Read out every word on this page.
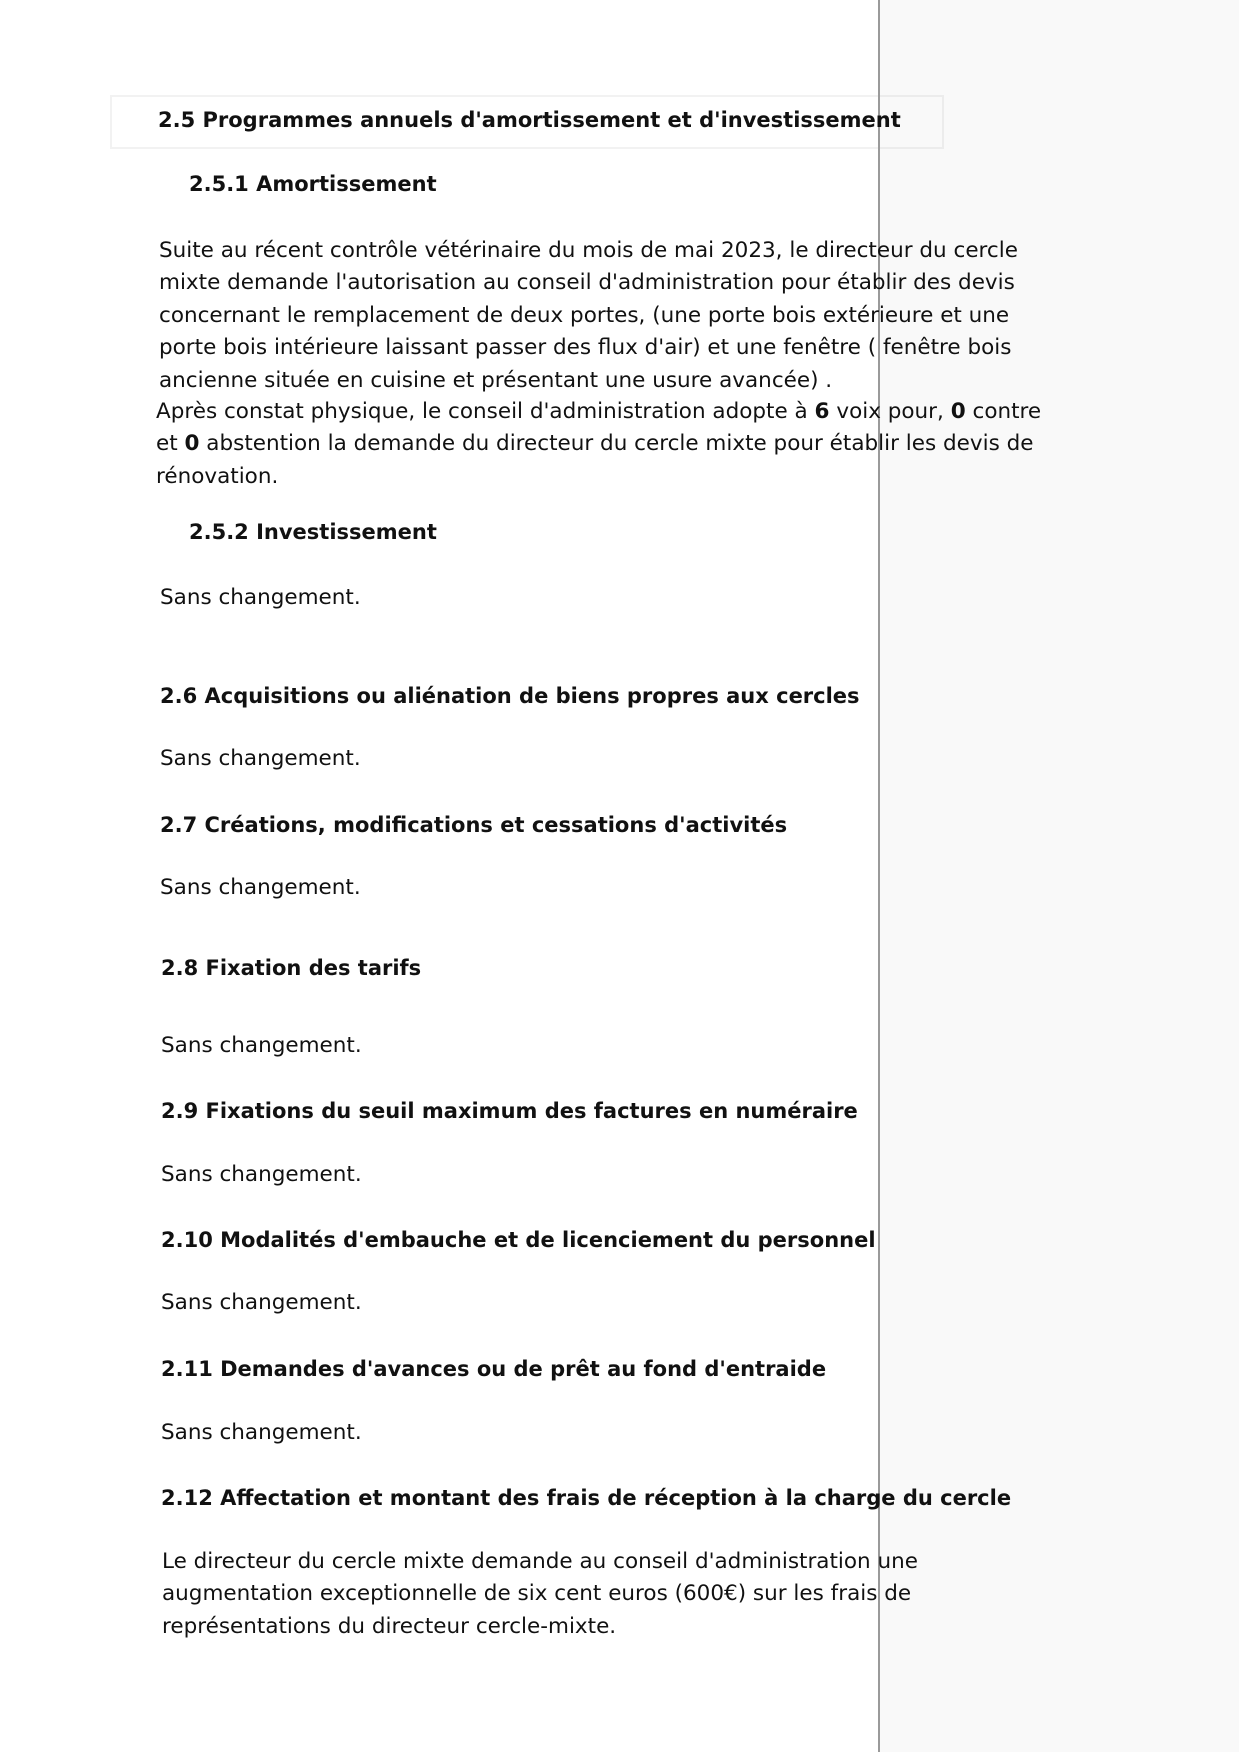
2.5 Programmes annuels d'amortissement et d'investissement
2.5.1 Amortissement

Suite au récent contrôle vétérinaire du mois de mai 2023, le directeur du cercle mixte demande l'autorisation au conseil d'administration pour établir des devis concernant le remplacement de deux portes, (une porte bois extérieure et une porte bois intérieure laissant passer des flux d'air) et une fenêtre ( fenêtre bois ancienne située en cuisine et présentant une usure avancée) .

Après constat physique, le conseil d'administration adopte à 6 voix pour, 0 contre et 0 abstention la demande du directeur du cercle mixte pour établir les devis de rénovation.

2.5.2 Investissement

Sans changement.

2.6 Acquisitions ou aliénation de biens propres aux cercles

Sans changement.

2.7 Créations, modifications et cessations d'activités

Sans changement.

2.8 Fixation des tarifs

Sans changement.

2.9 Fixations du seuil maximum des factures en numéraire

Sans changement.

2.10 Modalités d'embauche et de licenciement du personnel

Sans changement.

2.11 Demandes d'avances ou de prêt au fond d'entraide

Sans changement.

2.12 Affectation et montant des frais de réception à la charge du cercle

Le directeur du cercle mixte demande au conseil d'administration une augmentation exceptionnelle de six cent euros (600€) sur les frais de représentations du directeur cercle-mixte.
